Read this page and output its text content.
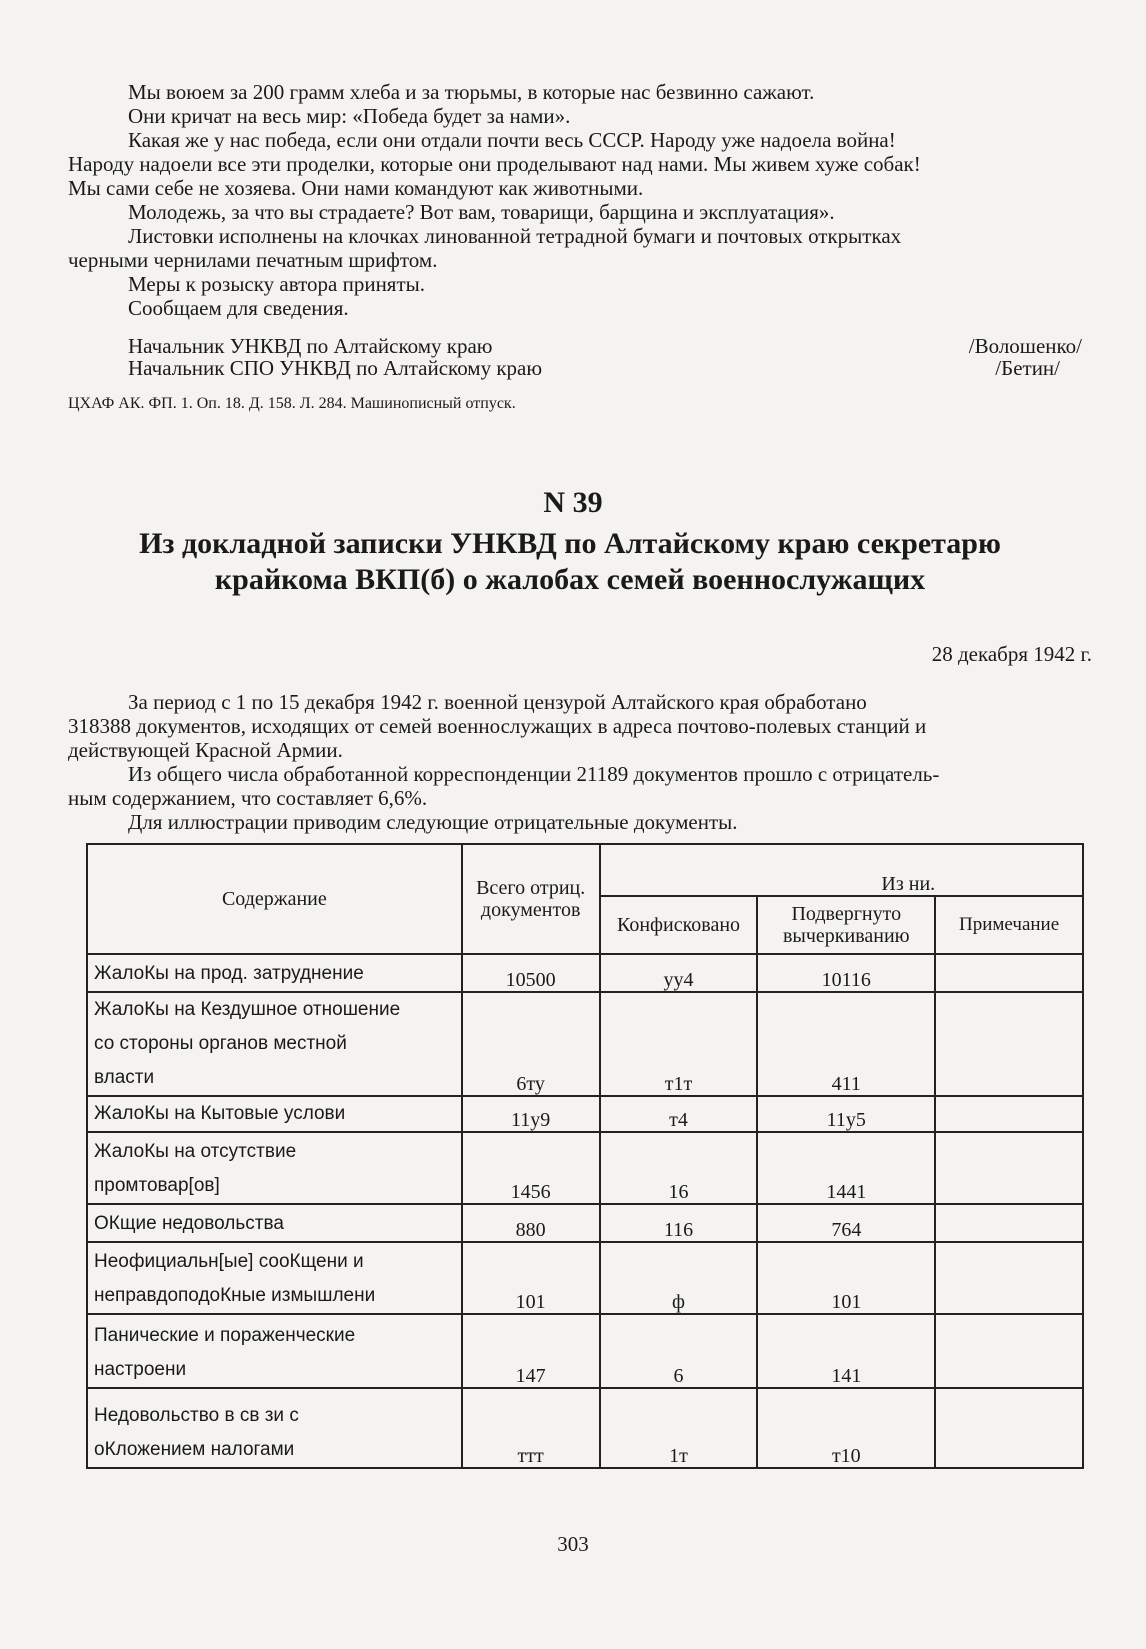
Мы воюем за 200 грамм хлеба и за тюрьмы, в которые нас безвинно сажают.
Они кричат на весь мир: «Победа будет за нами».
Какая же у нас победа, если они отдали почти весь СССР. Народу уже надоела война!
Народу надоели все эти проделки, которые они проделывают над нами. Мы живем хуже собак!
Мы сами себе не хозяева. Они нами командуют как животными.
Молодежь, за что вы страдаете? Вот вам, товарищи, барщина и эксплуатация».
Листовки исполнены на клочках линованной тетрадной бумаги и почтовых открытках
черными чернилами печатным шрифтом.
Меры к розыску автора приняты.
Сообщаем для сведения.
Начальник УНКВД по Алтайскому краю	/Волошенко/
Начальник СПО УНКВД по Алтайскому краю	/Бетин/
ЦХАФ АК. ФП. 1. Оп. 18. Д. 158. Л. 284. Машинописный отпуск.
N 39
Из докладной записки УНКВД по Алтайскому краю секретарю крайкома ВКП(б) о жалобах семей военнослужащих
28 декабря 1942 г.
За период с 1 по 15 декабря 1942 г. военной цензурой Алтайского края обработано
318388 документов, исходящих от семей военнослужащих в адреса почтово-полевых станций и
действующей Красной Армии.
Из общего числа обработанной корреспонденции 21189 документов прошло с отрицатель-
ным содержанием, что составляет 6,6%.
Для иллюстрации приводим следующие отрицательные документы.
Содержание	Всего отриц. документов	Из ни.		
		Конфисковано	Подвергнуто вычеркиванию	Примечание
ЖалоКы на прод. затруднение	10500	уу4	10116	

ЖалоКы на Кездушное отношение
со стороны органов местной
власти	6ту	т1т	411	
ЖалоКы на Кытовые услови	11у9	т4	11у5	

ЖалоКы на отсутствие
промтовар[ов]	1456	16	1441	
ОКщие недовольства	880	116	764	

Неофициальн[ые] сооКщени и
неправдоподоКные измышлени	101	ф	101	

Панические и пораженческие
настроени	147	6	141	

Недовольство в св зи с
оКложением налогами	ттт	1т	т10	
303
